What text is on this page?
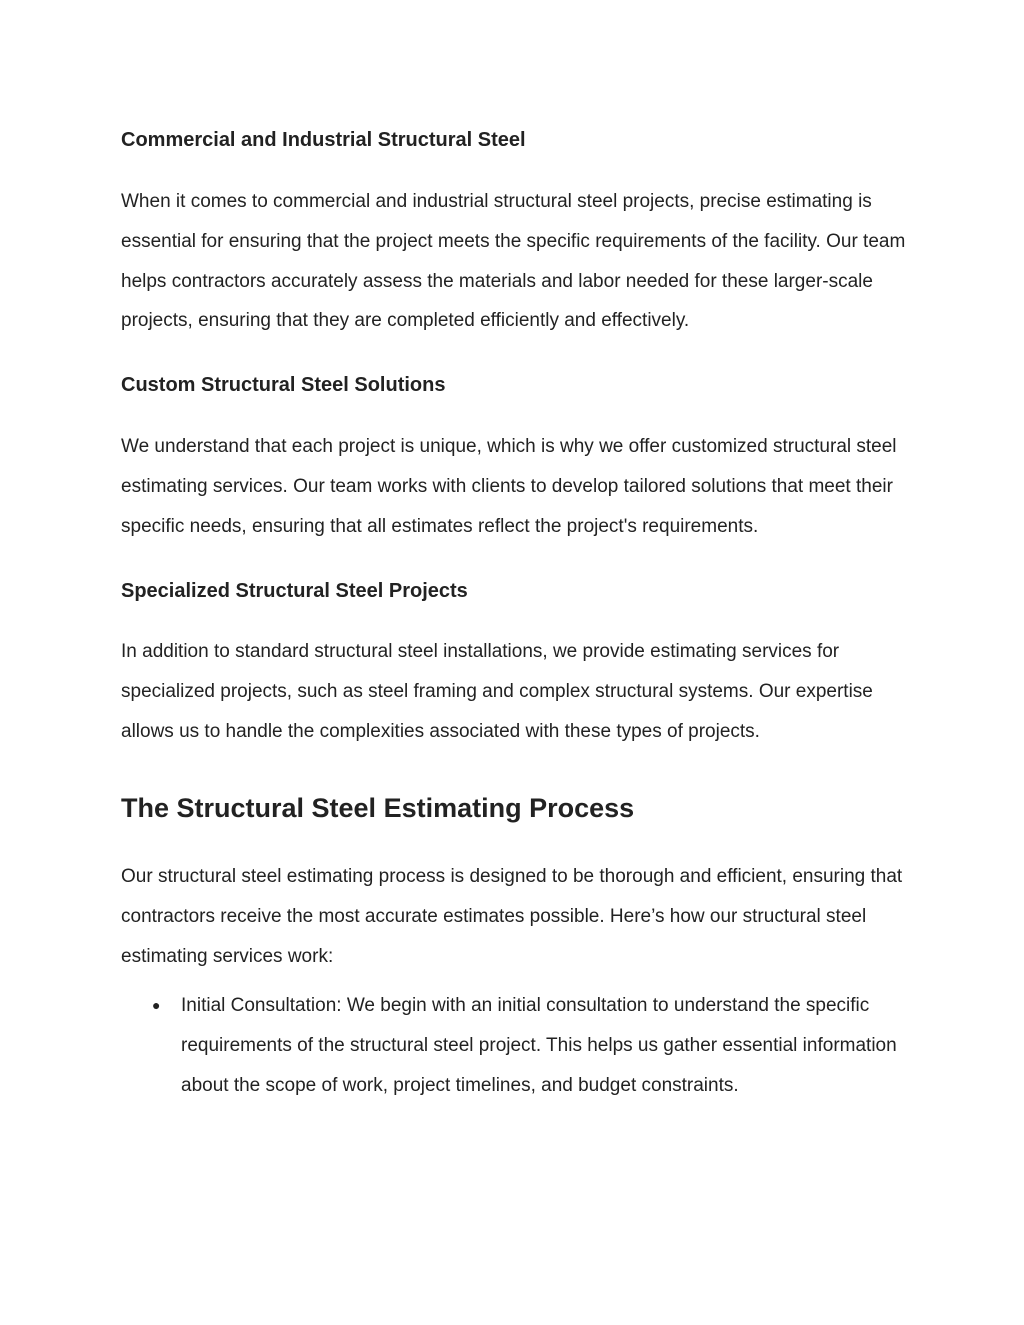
Commercial and Industrial Structural Steel

When it comes to commercial and industrial structural steel projects, precise estimating is essential for ensuring that the project meets the specific requirements of the facility. Our team helps contractors accurately assess the materials and labor needed for these larger-scale projects, ensuring that they are completed efficiently and effectively.

Custom Structural Steel Solutions

We understand that each project is unique, which is why we offer customized structural steel estimating services. Our team works with clients to develop tailored solutions that meet their specific needs, ensuring that all estimates reflect the project's requirements.

Specialized Structural Steel Projects

In addition to standard structural steel installations, we provide estimating services for specialized projects, such as steel framing and complex structural systems. Our expertise allows us to handle the complexities associated with these types of projects.

The Structural Steel Estimating Process

Our structural steel estimating process is designed to be thorough and efficient, ensuring that contractors receive the most accurate estimates possible. Here’s how our structural steel estimating services work:

● Initial Consultation: We begin with an initial consultation to understand the specific requirements of the structural steel project. This helps us gather essential information about the scope of work, project timelines, and budget constraints.
